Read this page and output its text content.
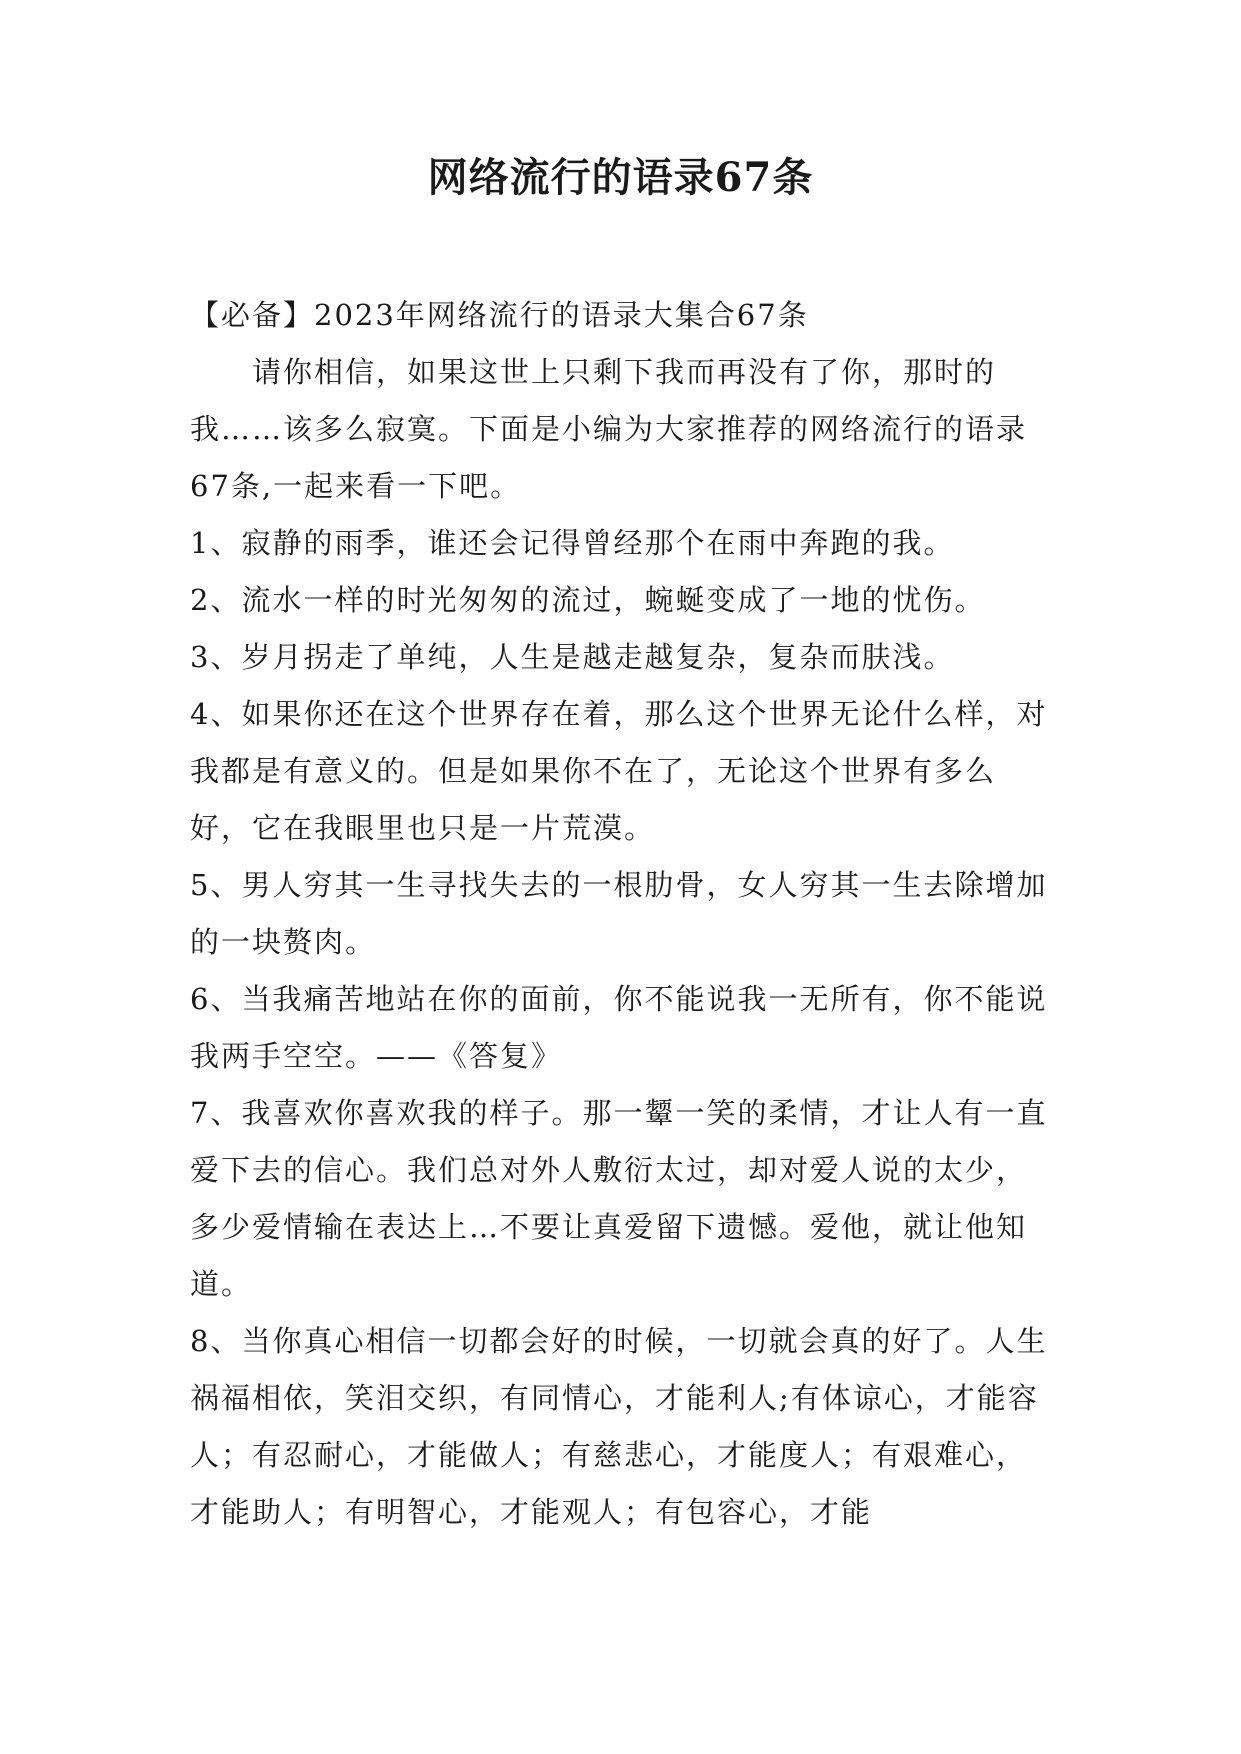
网络流行的语录67条

【必备】2023年网络流行的语录大集合67条

请你相信，如果这世上只剩下我而再没有了你，那时的我……该多么寂寞。下面是小编为大家推荐的网络流行的语录67条,一起来看一下吧。

1、寂静的雨季，谁还会记得曾经那个在雨中奔跑的我。

2、流水一样的时光匆匆的流过，蜿蜒变成了一地的忧伤。

3、岁月拐走了单纯，人生是越走越复杂，复杂而肤浅。

4、如果你还在这个世界存在着，那么这个世界无论什么样，对我都是有意义的。但是如果你不在了，无论这个世界有多么好，它在我眼里也只是一片荒漠。

5、男人穷其一生寻找失去的一根肋骨，女人穷其一生去除增加的一块赘肉。

6、当我痛苦地站在你的面前，你不能说我一无所有，你不能说我两手空空。——《答复》

7、我喜欢你喜欢我的样子。那一颦一笑的柔情，才让人有一直爱下去的信心。我们总对外人敷衍太过，却对爱人说的太少，多少爱情输在表达上…不要让真爱留下遗憾。爱他，就让他知道。

8、当你真心相信一切都会好的时候，一切就会真的好了。人生祸福相依，笑泪交织，有同情心，才能利人;有体谅心，才能容人；有忍耐心，才能做人；有慈悲心，才能度人；有艰难心，才能助人；有明智心，才能观人；有包容心，才能
